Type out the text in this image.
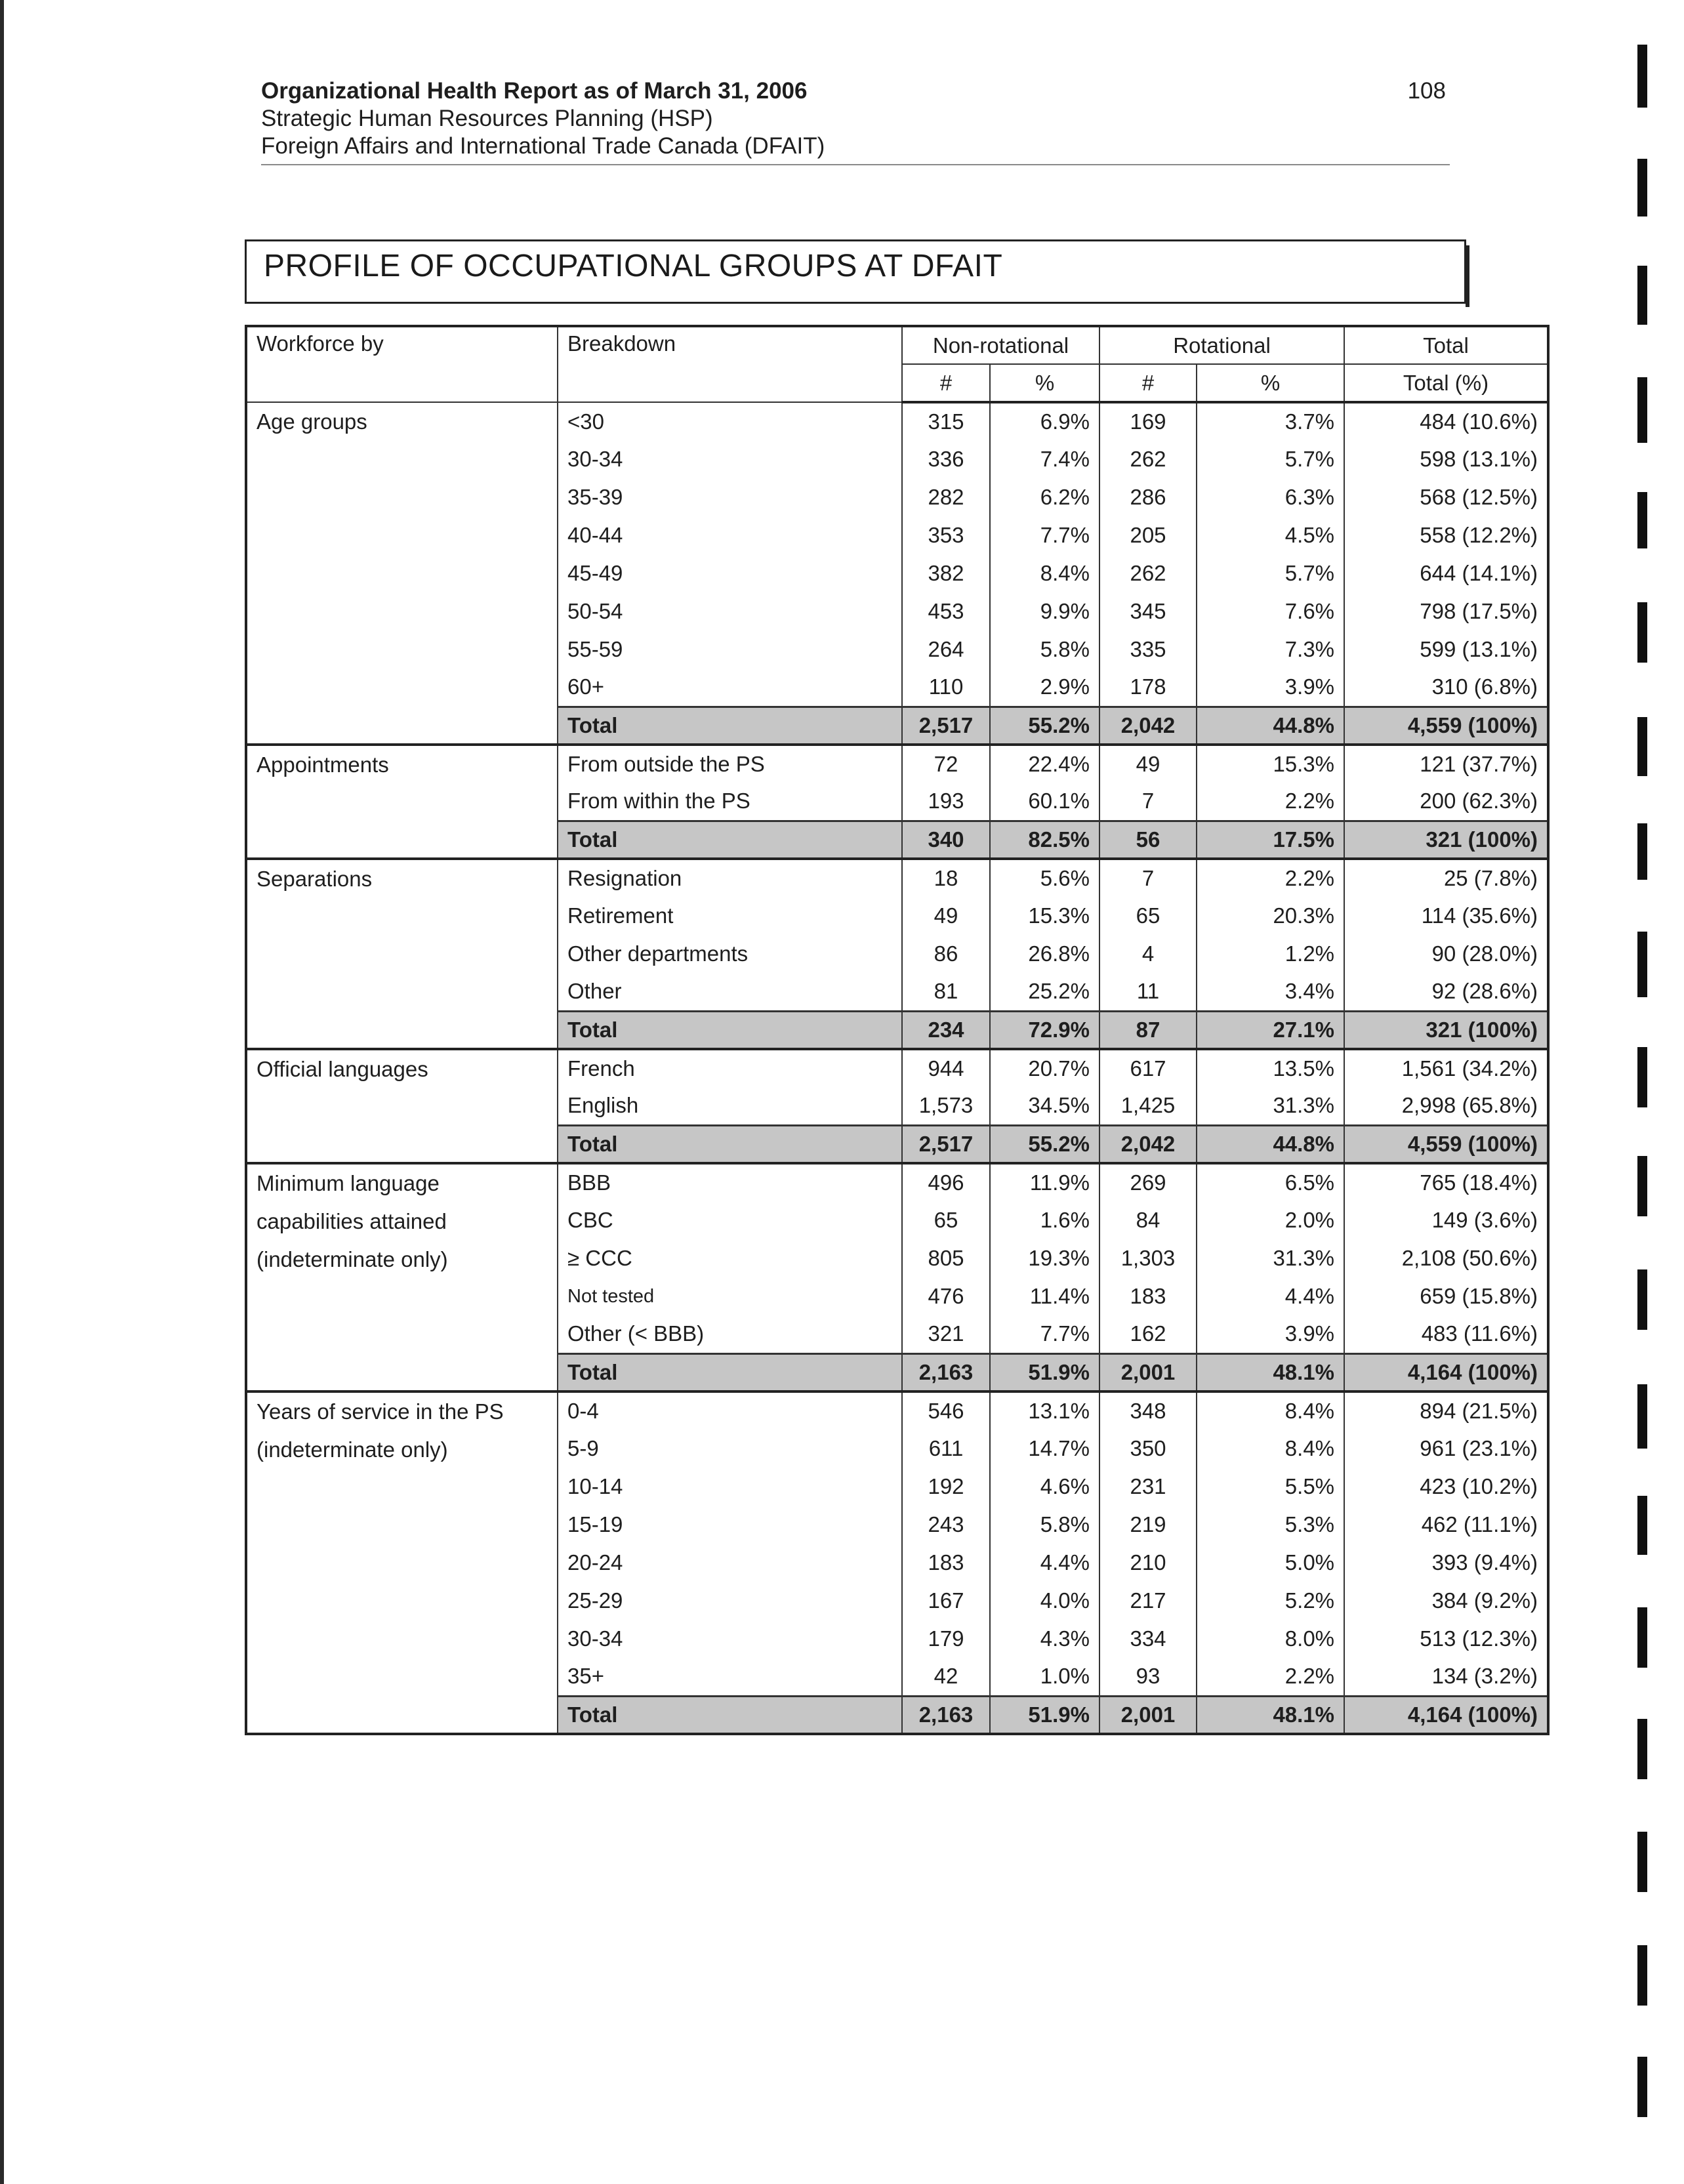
Organizational Health Report as of March 31, 2006
Strategic Human Resources Planning (HSP)
Foreign Affairs and International Trade Canada (DFAIT)
108
PROFILE OF OCCUPATIONAL GROUPS AT DFAIT
Workforce by	Breakdown	Non-rotational		Rotational		Total
		#	%	#	%	Total (%)
Age groups	<30	315	6.9%	169	3.7%	484 (10.6%)
	30-34	336	7.4%	262	5.7%	598 (13.1%)
	35-39	282	6.2%	286	6.3%	568 (12.5%)
	40-44	353	7.7%	205	4.5%	558 (12.2%)
	45-49	382	8.4%	262	5.7%	644 (14.1%)
	50-54	453	9.9%	345	7.6%	798 (17.5%)
	55-59	264	5.8%	335	7.3%	599 (13.1%)
	60+	110	2.9%	178	3.9%	310 (6.8%)
	Total	2,517	55.2%	2,042	44.8%	4,559 (100%)
Appointments	From outside the PS	72	22.4%	49	15.3%	121 (37.7%)
	From within the PS	193	60.1%	7	2.2%	200 (62.3%)
	Total	340	82.5%	56	17.5%	321 (100%)
Separations	Resignation	18	5.6%	7	2.2%	25 (7.8%)
	Retirement	49	15.3%	65	20.3%	114 (35.6%)
	Other departments	86	26.8%	4	1.2%	90 (28.0%)
	Other	81	25.2%	11	3.4%	92 (28.6%)
	Total	234	72.9%	87	27.1%	321 (100%)
Official languages	French	944	20.7%	617	13.5%	1,561 (34.2%)
	English	1,573	34.5%	1,425	31.3%	2,998 (65.8%)
	Total	2,517	55.2%	2,042	44.8%	4,559 (100%)
Minimum language capabilities attained (indeterminate only)	BBB	496	11.9%	269	6.5%	765 (18.4%)
	CBC	65	1.6%	84	2.0%	149 (3.6%)
	≥ CCC	805	19.3%	1,303	31.3%	2,108 (50.6%)
	Not tested	476	11.4%	183	4.4%	659 (15.8%)
	Other (< BBB)	321	7.7%	162	3.9%	483 (11.6%)
	Total	2,163	51.9%	2,001	48.1%	4,164 (100%)
Years of service in the PS (indeterminate only)	0-4	546	13.1%	348	8.4%	894 (21.5%)
	5-9	611	14.7%	350	8.4%	961 (23.1%)
	10-14	192	4.6%	231	5.5%	423 (10.2%)
	15-19	243	5.8%	219	5.3%	462 (11.1%)
	20-24	183	4.4%	210	5.0%	393 (9.4%)
	25-29	167	4.0%	217	5.2%	384 (9.2%)
	30-34	179	4.3%	334	8.0%	513 (12.3%)
	35+	42	1.0%	93	2.2%	134 (3.2%)
	Total	2,163	51.9%	2,001	48.1%	4,164 (100%)
